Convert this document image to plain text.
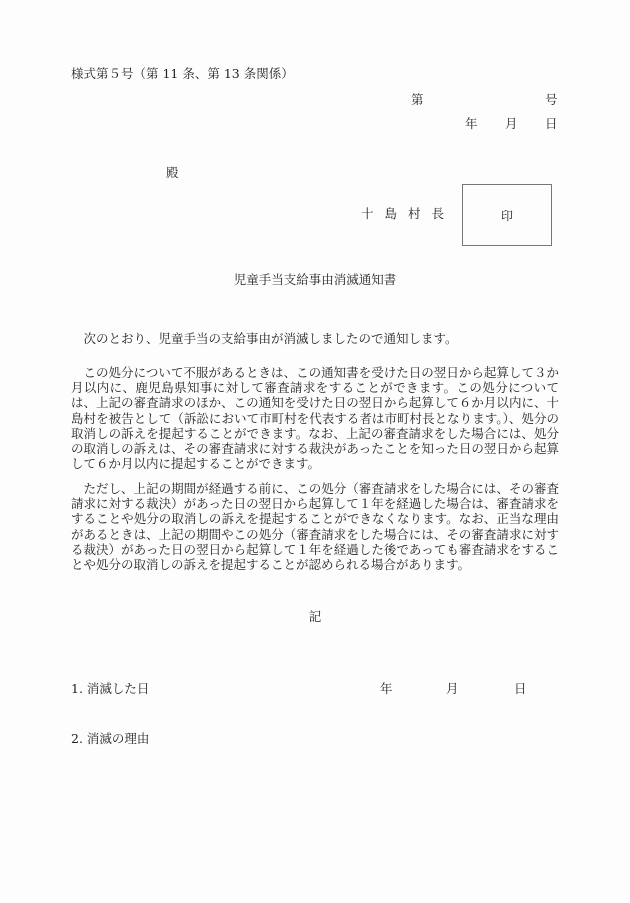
様式第５号（第 11 条、第 13 条関係）
第	号
年 月 日
殿
十島村長	印
児童手当支給事由消滅通知書
次のとおり、児童手当の支給事由が消滅しましたので通知します。

この処分について不服があるときは、この通知書を受けた日の翌日から起算して３か月以内に、鹿児島県知事に対して審査請求をすることができます。この処分については、上記の審査請求のほか、この通知を受けた日の翌日から起算して６か月以内に、十島村を被告として（訴訟において市町村を代表する者は市町村長となります。）、処分の取消しの訴えを提起することができます。なお、上記の審査請求をした場合には、処分の取消しの訴えは、その審査請求に対する裁決があったことを知った日の翌日から起算して６か月以内に提起することができます。

ただし、上記の期間が経過する前に、この処分（審査請求をした場合には、その審査請求に対する裁決）があった日の翌日から起算して１年を経過した場合は、審査請求をすることや処分の取消しの訴えを提起することができなくなります。なお、正当な理由があるときは、上記の期間やこの処分（審査請求をした場合には、その審査請求に対する裁決）があった日の翌日から起算して１年を経過した後であっても審査請求をすることや処分の取消しの訴えを提起することが認められる場合があります。

記
1. 消滅した日	年	月	日
2. 消滅の理由
